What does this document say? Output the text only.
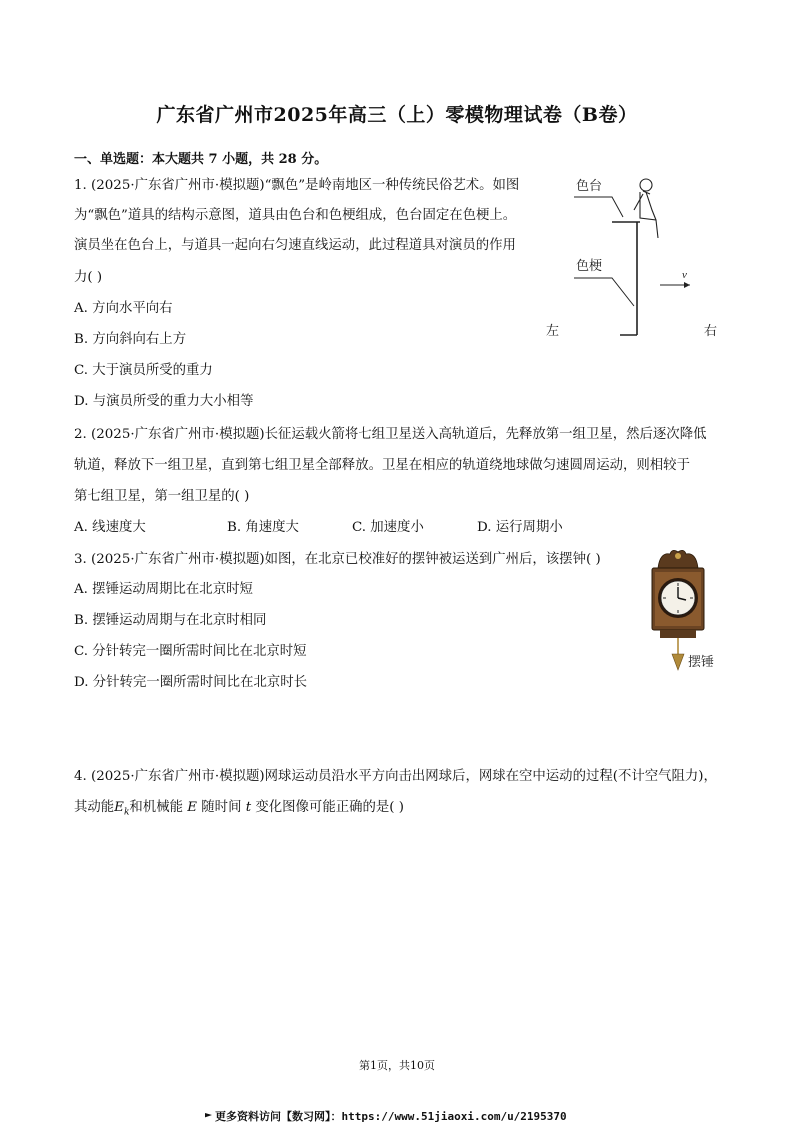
广东省广州市2025年高三（上）零模物理试卷（B卷）
一、单选题：本大题共 7 小题，共 28 分。
1. (2025·广东省广州市·模拟题)“飘色”是岭南地区一种传统民俗艺术。如图
为“飘色”道具的结构示意图，道具由色台和色梗组成，色台固定在色梗上。
演员坐在色台上，与道具一起向右匀速直线运动，此过程道具对演员的作用
力( )
A. 方向水平向右
B. 方向斜向右上方
C. 大于演员所受的重力
D. 与演员所受的重力大小相等
色台
色梗
v
左	右
2. (2025·广东省广州市·模拟题)长征运载火箭将七组卫星送入高轨道后，先释放第一组卫星，然后逐次降低
轨道，释放下一组卫星，直到第七组卫星全部释放。卫星在相应的轨道绕地球做匀速圆周运动，则相较于
第七组卫星，第一组卫星的( )
A. 线速度大	B. 角速度大	C. 加速度小	D. 运行周期小
3. (2025·广东省广州市·模拟题)如图，在北京已校准好的摆钟被运送到广州后，该摆钟( )
A. 摆锤运动周期比在北京时短
B. 摆锤运动周期与在北京时相同
C. 分针转完一圈所需时间比在北京时短
D. 分针转完一圈所需时间比在北京时长
摆锤
4. (2025·广东省广州市·模拟题)网球运动员沿水平方向击出网球后，网球在空中运动的过程(不计空气阻力)，
其动能$E_k$和机械能 E 随时间 t 变化图像可能正确的是( )
第1页，共10页
更多资料访问【数习网】：https://www.51jiaoxi.com/u/2195370
